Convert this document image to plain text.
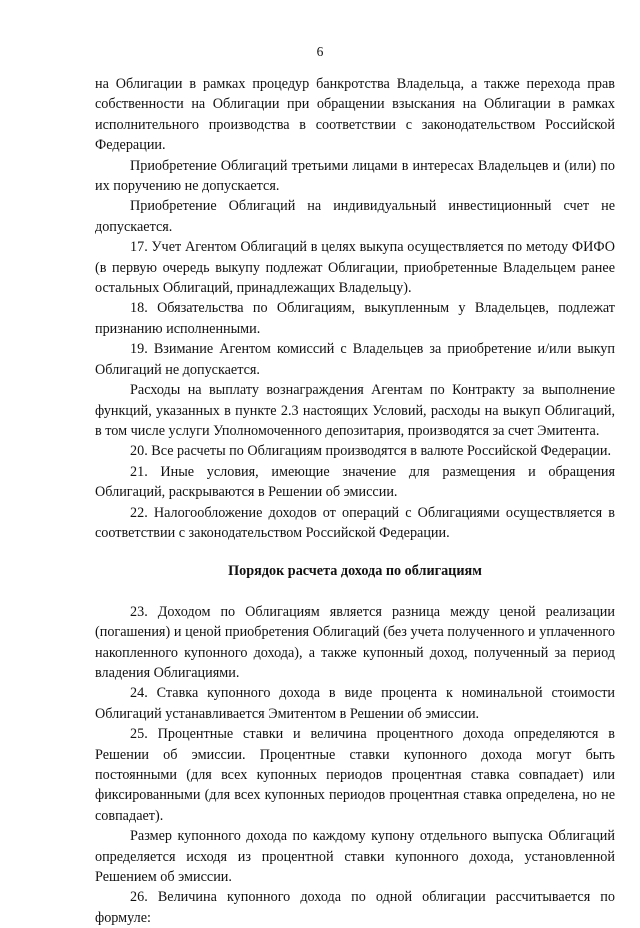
6

на Облигации в рамках процедур банкротства Владельца, а также перехода прав собственности на Облигации при обращении взыскания на Облигации в рамках исполнительного производства в соответствии с законодательством Российской Федерации.

Приобретение Облигаций третьими лицами в интересах Владельцев и (или) по их поручению не допускается.

Приобретение Облигаций на индивидуальный инвестиционный счет не допускается.

17. Учет Агентом Облигаций в целях выкупа осуществляется по методу ФИФО (в первую очередь выкупу подлежат Облигации, приобретенные Владельцем ранее остальных Облигаций, принадлежащих Владельцу).

18. Обязательства по Облигациям, выкупленным у Владельцев, подлежат признанию исполненными.

19. Взимание Агентом комиссий с Владельцев за приобретение и/или выкуп Облигаций не допускается.

Расходы на выплату вознаграждения Агентам по Контракту за выполнение функций, указанных в пункте 2.3 настоящих Условий, расходы на выкуп Облигаций, в том числе услуги Уполномоченного депозитария, производятся за счет Эмитента.

20. Все расчеты по Облигациям производятся в валюте Российской Федерации.

21. Иные условия, имеющие значение для размещения и обращения Облигаций, раскрываются в Решении об эмиссии.

22. Налогообложение доходов от операций с Облигациями осуществляется в соответствии с законодательством Российской Федерации.

Порядок расчета дохода по облигациям

23. Доходом по Облигациям является разница между ценой реализации (погашения) и ценой приобретения Облигаций (без учета полученного и уплаченного накопленного купонного дохода), а также купонный доход, полученный за период владения Облигациями.

24. Ставка купонного дохода в виде процента к номинальной стоимости Облигаций устанавливается Эмитентом в Решении об эмиссии.

25. Процентные ставки и величина процентного дохода определяются в Решении об эмиссии. Процентные ставки купонного дохода могут быть постоянными (для всех купонных периодов процентная ставка совпадает) или фиксированными (для всех купонных периодов процентная ставка определена, но не совпадает).

Размер купонного дохода по каждому купону отдельного выпуска Облигаций определяется исходя из процентной ставки купонного дохода, установленной Решением об эмиссии.

26. Величина купонного дохода по одной облигации рассчитывается по формуле:
